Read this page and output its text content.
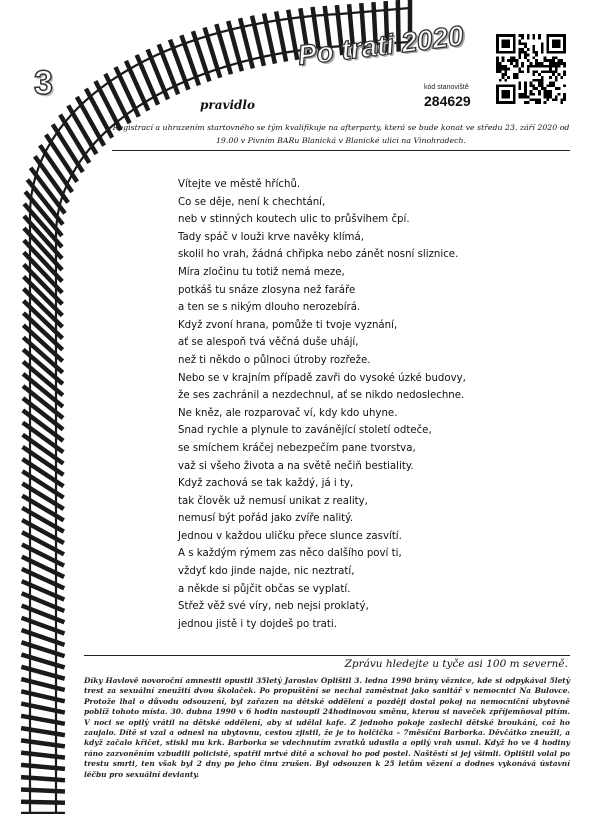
3
Po trati 2020
kód stanoviště
284629
pravidlo
Registrací a uhrazením startovného se tým kvalifikuje na afterparty, která se bude konat ve středu 23. září 2020 od 19.00 v Pivním BARu Blanická v Blanické ulici na Vinohradech.
Vítejte ve městě hříchů.
Co se děje, není k chechtání,
neb v stinných koutech ulic to průšvihem čpí.
Tady spáč v louži krve navěky klímá,
skolil ho vrah, žádná chřipka nebo zánět nosní sliznice.
Míra zločinu tu totiž nemá meze,
potkáš tu snáze zlosyna než faráře
a ten se s nikým dlouho nerozebírá.
Když zvoní hrana, pomůže ti tvoje vyznání,
ať se alespoň tvá věčná duše uhájí,
než ti někdo o půlnoci útroby rozřeže.
Nebo se v krajním případě zavři do vysoké úzké budovy,
že ses zachránil a nezdechnul, ať se nikdo nedoslechne.
Ne kněz, ale rozparovač ví, kdy kdo uhyne.
Snad rychle a plynule to zavánějící století odteče,
se smíchem kráčej nebezpečím pane tvorstva,
važ si všeho života a na světě nečiň bestiality.
Když zachová se tak každý, já i ty,
tak člověk už nemusí unikat z reality,
nemusí být pořád jako zvíře nalitý.
Jednou v každou uličku přece slunce zasvítí.
A s každým rýmem zas něco dalšího poví ti,
vždyť kdo jinde najde, nic neztratí,
a někde si půjčit občas se vyplatí.
Střež věž své víry, neb nejsi proklatý,
jednou jistě i ty dojdeš po trati.
Zprávu hledejte u tyče asi 100 m severně.
Díky Havlově novoroční amnestii opustil 35letý Jaroslav Oplištil 3. ledna 1990 brány věznice, kde si odpykával 5letý trest za sexuální zneužití dvou školaček. Po propuštění se nechal zaměstnat jako sanitář v nemocnici Na Bulovce. Protože lhal o důvodu odsouzení, byl zařazen na dětské oddělení a později dostal pokoj na nemocniční ubytovně poblíž tohoto místa. 30. dubna 1990 v 6 hodin nastoupil 24hodinovou směnu, kterou si naveček zpříjemňoval pitím. V noci se opilý vrátil na dětské oddělení, aby si udělal kafe. Z jednoho pokoje zaslechl dětské broukání, což ho zaujalo. Dítě si vzal a odnesl na ubytovnu, cestou zjistil, že je to holčička – 7měsíční Barborka. Děvčátko zneužil, a když začalo křičet, stiskl mu krk. Barborka se vdechnutím zvratků udusila a opilý vrah usnul. Když ho ve 4 hodiny ráno zazvoněním vzbudili policisté, spatřil mrtvé dítě a schoval ho pod postel. Naštěstí si jej všimli. Oplištil volal po trestu smrti, ten však byl 2 dny po jeho činu zrušen. Byl odsouzen k 25 letům vězení a dodnes vykonává ústavní léčbu pro sexuální devianty.
